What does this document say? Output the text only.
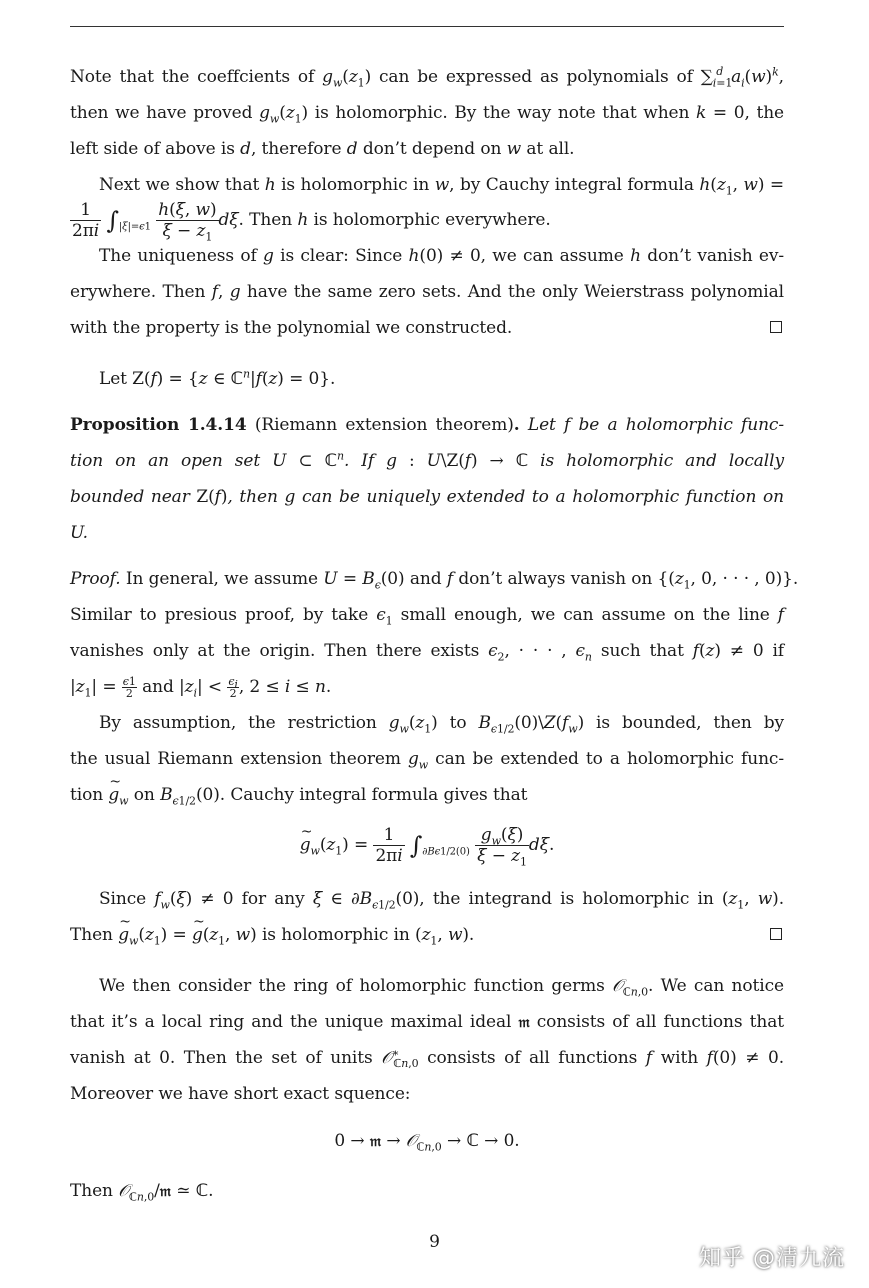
Note that the coeffcients of $g_w(z_1)$ can be expressed as polynomials of $\sum_{i=1}^d$ $a_i(w)^k$,
then we have proved $g_w(z_1)$ is holomorphic. By the way note that when k = 0, the
left side of above is d, therefore d don’t depend on w at all.
Next we show that h is holomorphic in w, by Cauchy integral formula $h(z_1$, w) =
$\frac{1}{2\pi i} \int_{|\xi|=\epsilon 1} \frac{h(\xi, w)}{\xi - z_1} d\xi$. Then h is holomorphic everywhere.
The uniqueness of g is clear: Since h(0) ≠ 0, we can assume h don’t vanish ev-
erywhere. Then f, g have the same zero sets. And the only Weierstrass polynomial
with the property is the polynomial we constructed.
Let Z(f) = {z ∈ ℂ$^n$|f(z) = 0}.
Proposition 1.4.14 (Riemann extension theorem). Let f be a holomorphic func-
tion on an open set U ⊂ ℂ$^n$. If g : U\Z(f) → ℂ is holomorphic and locally
bounded near Z(f), then g can be uniquely extended to a holomorphic function on
U.
Proof. In general, we assume $U = B_\epsilon(0)$ and f don’t always vanish on {($z_1$, 0, · · · , 0)}.
Similar to presious proof, by take $\epsilon_1$ small enough, we can assume on the line f
vanishes only at the origin. Then there exists $\epsilon_2$, · · · , $\epsilon_n$ such that f(z) ≠ 0 if
$|z_1| = \frac{\epsilon 1}{2}$ and $|z_i| < \frac{\epsilon_i}{2}$ , 2 ≤ i ≤ n.
By assumption, the restriction $g_w(z_1)$ to $B_{\epsilon 1/2}(0)\backslash Z(f_w)$ is bounded, then by
the usual Riemann extension theorem $g_w$ can be extended to a holomorphic func-
tion ~ $g_w$ on $B_{\epsilon 1/2}(0)$. Cauchy integral formula gives that
~ $g_w(z_1) = \frac{1}{2\pi i} \int_{\partial B\epsilon 1/2(0)} \frac{g_w(\xi)}{\xi - z_1} d\xi$.
Since $f_w(\xi) \ne 0$ for any ξ ∈ $\partial B_{\epsilon 1/2}(0)$, the integrand is holomorphic in ($z_1$, w).
Then ~ $g_w(z_1)$ = ~ $g(z_1$, w) is holomorphic in ($z_1$, w).
We then consider the ring of holomorphic function germs 𝒪$_{ℂn,0}$. We can notice
that it’s a local ring and the unique maximal ideal 𝔪 consists of all functions that
vanish at 0. Then the set of units 𝒪∗$_{ℂn,0}$ consists of all functions f with f(0) ≠ 0.
Moreover we have short exact squence:
0 → 𝔪 → 𝒪$_{ℂn,0}$ → ℂ → 0.
Then 𝒪$_{ℂn,0}$/𝔪 ≃ ℂ.
9
知乎 @清九流
